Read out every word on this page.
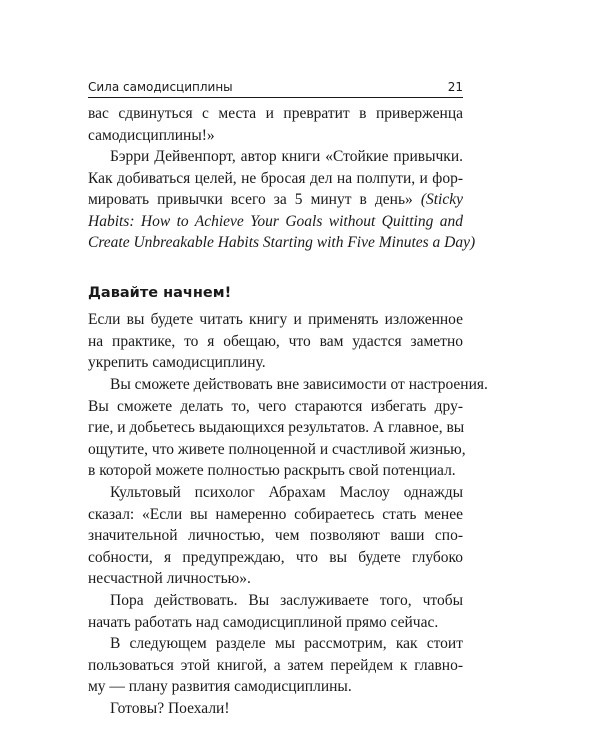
Сила самодисциплины	21
вас сдвинуться с места и превратит в приверженца
самодисциплины!»
Бэрри Дейвенпорт, автор книги «Стойкие привычки.
Как добиваться целей, не бросая дел на полпути, и фор-
мировать привычки всего за 5 минут в день» (Sticky
Habits: How to Achieve Your Goals without Quitting and
Create Unbreakable Habits Starting with Five Minutes a Day)
Давайте начнем!
Если вы будете читать книгу и применять изложенное
на практике, то я обещаю, что вам удастся заметно
укрепить самодисциплину.
Вы сможете действовать вне зависимости от настроения.
Вы сможете делать то, чего стараются избегать дру-
гие, и добьетесь выдающихся результатов. А главное, вы
ощутите, что живете полноценной и счастливой жизнью,
в которой можете полностью раскрыть свой потенциал.
Культовый психолог Абрахам Маслоу однажды
сказал: «Если вы намеренно собираетесь стать менее
значительной личностью, чем позволяют ваши спо-
собности, я предупреждаю, что вы будете глубоко
несчастной личностью».
Пора действовать. Вы заслуживаете того, чтобы
начать работать над самодисциплиной прямо сейчас.
В следующем разделе мы рассмотрим, как стоит
пользоваться этой книгой, а затем перейдем к главно-
му — плану развития самодисциплины.
Готовы? Поехали!
